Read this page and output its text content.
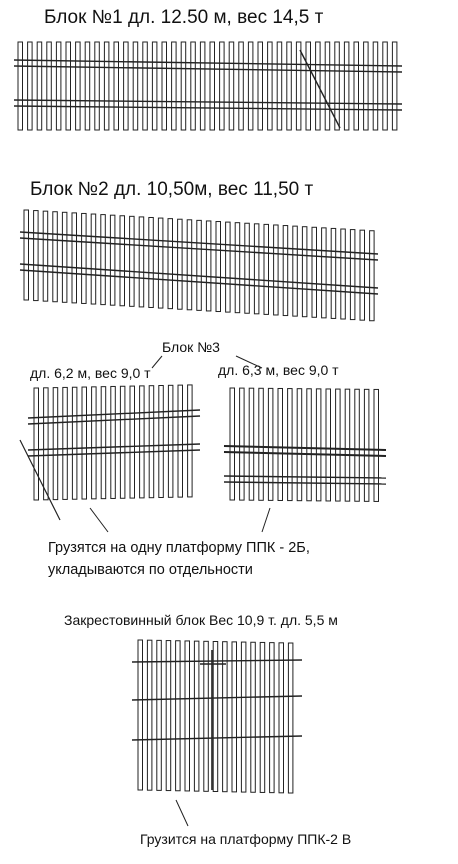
Блок №1 дл. 12.50 м, вес 14,5 т
Блок №2 дл. 10,50м, вес 11,50 т
Блок №3
дл. 6,2 м, вес 9,0 т	дл. 6,3 м, вес 9,0 т
Грузятся на одну платформу ППК - 2Б,
укладываются по отдельности
Закрестовинный блок Вес 10,9 т. дл. 5,5 м
Грузится на платформу ППК-2 В
